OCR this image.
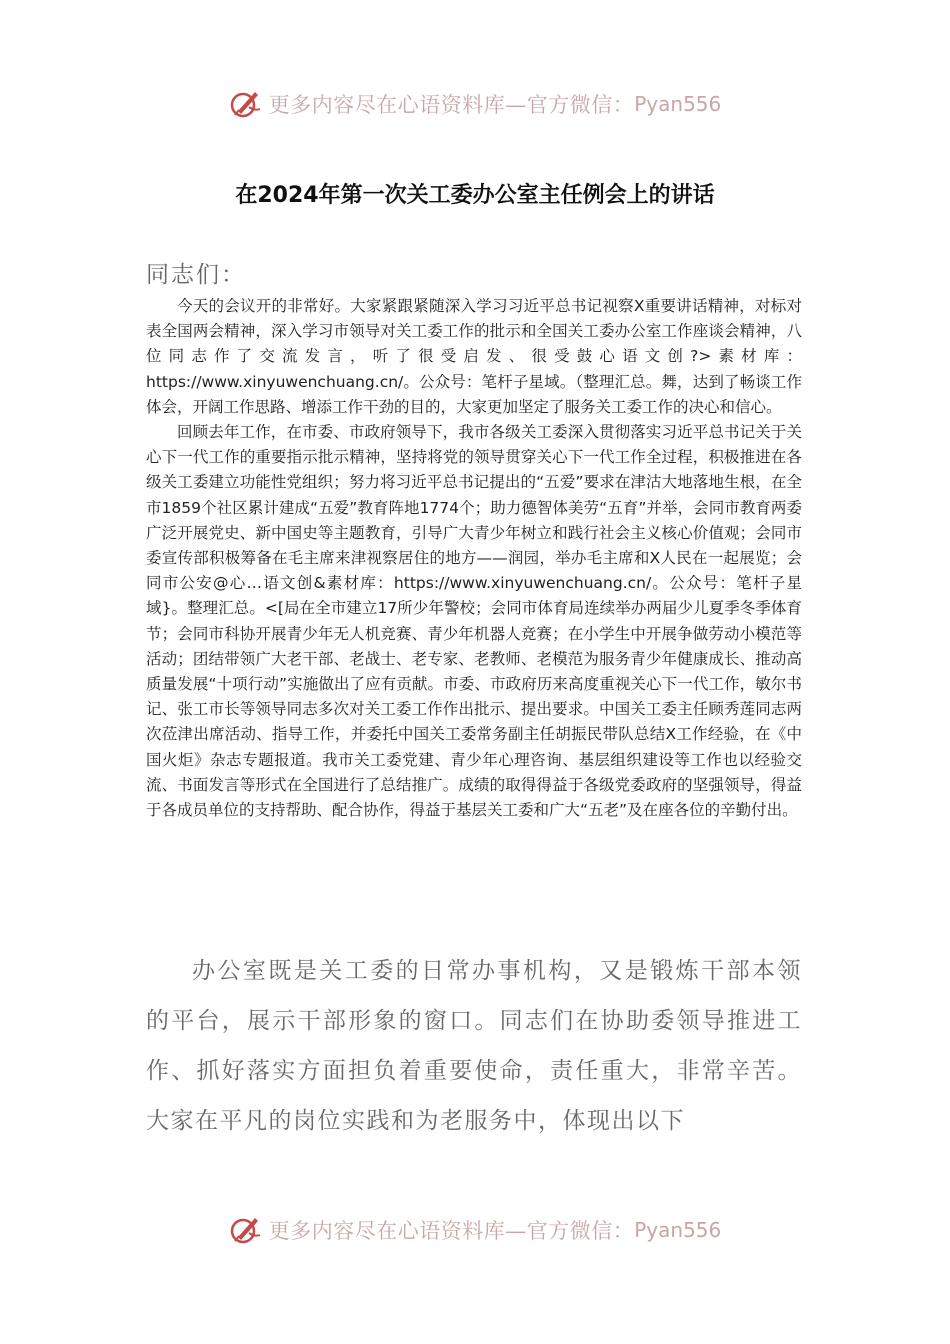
更多内容尽在心语资料库—官方微信： Pyan556
在2024年第一次关工委办公室主任例会上的讲话
同志们：

今天的会议开的非常好。大家紧跟紧随深入学习习近平总书记视察X重要讲话精神，对标对表全国两会精神，深入学习市领导对关工委工作的批示和全国关工委办公室工作座谈会精神，八位同志作了交流发言，听了很受启发、很受鼓心语文创?>素材库：https://www.xinyuwenchuang.cn/。公众号：笔杆子星域。（整理汇总。舞，达到了畅谈工作体会，开阔工作思路、增添工作干劲的目的，大家更加坚定了服务关工委工作的决心和信心。

回顾去年工作，在市委、市政府领导下，我市各级关工委深入贯彻落实习近平总书记关于关心下一代工作的重要指示批示精神，坚持将党的领导贯穿关心下一代工作全过程，积极推进在各级关工委建立功能性党组织；努力将习近平总书记提出的“五爱”要求在津沽大地落地生根，在全市1859个社区累计建成“五爱”教育阵地1774个；助力德智体美劳“五育”并举，会同市教育两委广泛开展党史、新中国史等主题教育，引导广大青少年树立和践行社会主义核心价值观；会同市委宣传部积极筹备在毛主席来津视察居住的地方——润园，举办毛主席和X人民在一起展览；会同市公安@心…语文创&素材库：https://www.xinyuwenchuang.cn/。公众号：笔杆子星域}。整理汇总。<[局在全市建立17所少年警校；会同市体育局连续举办两届少儿夏季冬季体育节；会同市科协开展青少年无人机竞赛、青少年机器人竞赛；在小学生中开展争做劳动小模范等活动；团结带领广大老干部、老战士、老专家、老教师、老模范为服务青少年健康成长、推动高质量发展“十项行动”实施做出了应有贡献。市委、市政府历来高度重视关心下一代工作，敏尔书记、张工市长等领导同志多次对关工委工作作出批示、提出要求。中国关工委主任顾秀莲同志两次莅津出席活动、指导工作，并委托中国关工委常务副主任胡振民带队总结X工作经验，在《中国火炬》杂志专题报道。我市关工委党建、青少年心理咨询、基层组织建设等工作也以经验交流、书面发言等形式在全国进行了总结推广。成绩的取得得益于各级党委政府的坚强领导，得益于各成员单位的支持帮助、配合协作，得益于基层关工委和广大“五老”及在座各位的辛勤付出。

办公室既是关工委的日常办事机构，又是锻炼干部本领的平台，展示干部形象的窗口。同志们在协助委领导推进工作、抓好落实方面担负着重要使命，责任重大，非常辛苦。大家在平凡的岗位实践和为老服务中，体现出以下

更多内容尽在心语资料库—官方微信： Pyan556
